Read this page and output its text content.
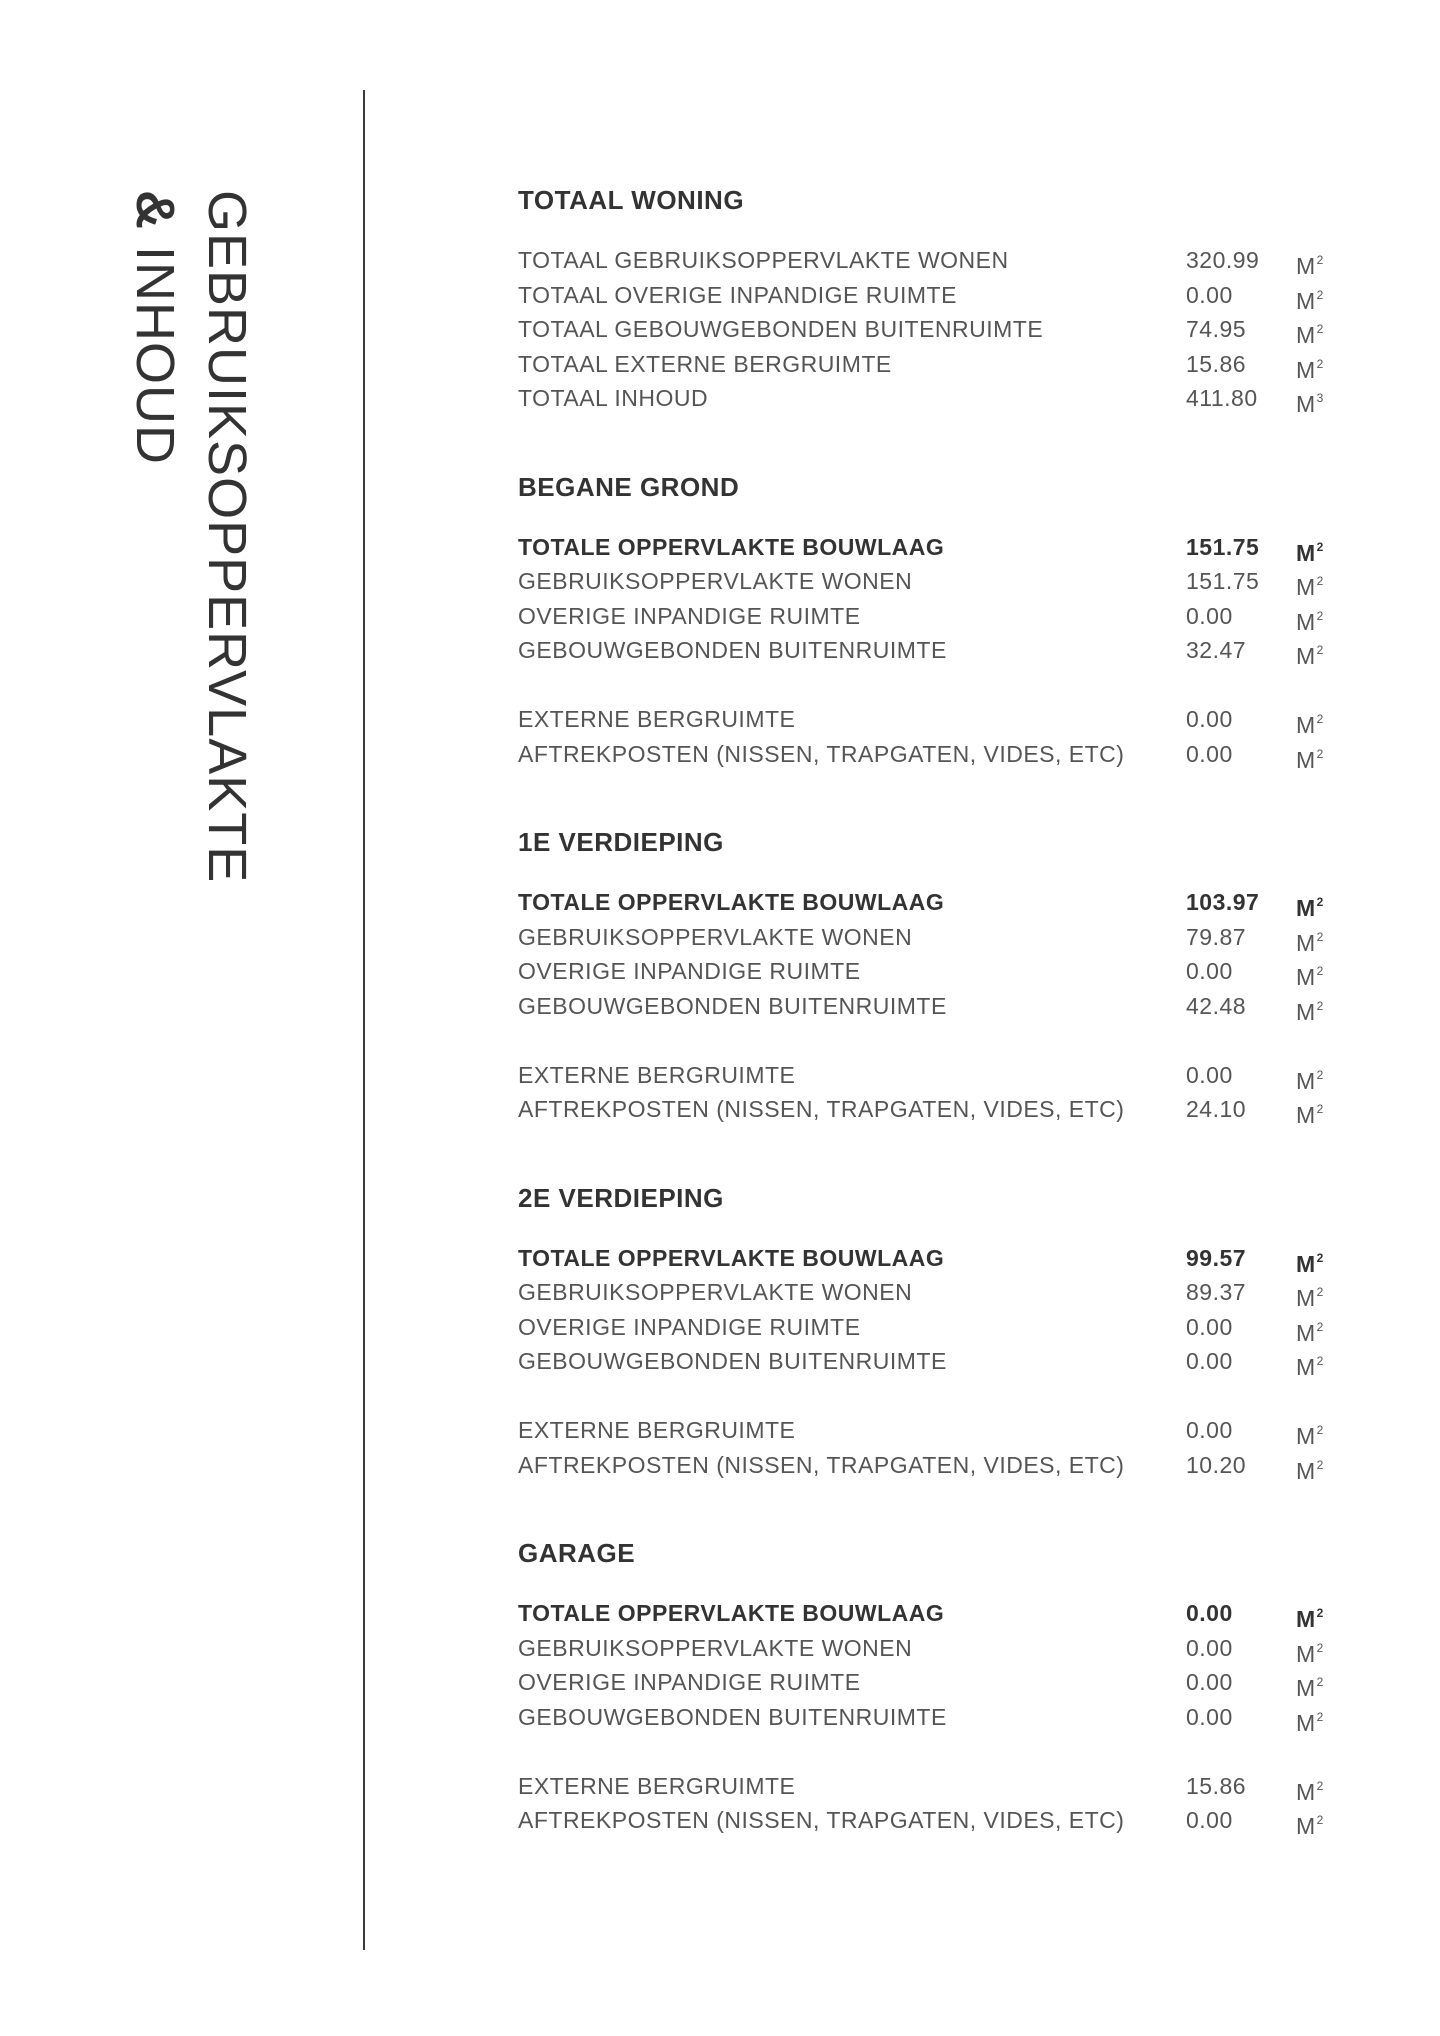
GEBRUIKSOPPERVLAKTE
& INHOUD
TOTAAL WONING
TOTAAL GEBRUIKSOPPERVLAKTE WONEN	320.99 $M^2$
TOTAAL OVERIGE INPANDIGE RUIMTE	0.00	$M^2$
TOTAAL GEBOUWGEBONDEN BUITENRUIMTE	74.95 $M^2$
TOTAAL EXTERNE BERGRUIMTE	15.86 $M^2$
TOTAAL INHOUD	411.80 $M^3$
BEGANE GROND
TOTALE OPPERVLAKTE BOUWLAAG	151.75 $M^2$
GEBRUIKSOPPERVLAKTE WONEN	151.75 $M^2$
OVERIGE INPANDIGE RUIMTE	0.00	$M^2$
GEBOUWGEBONDEN BUITENRUIMTE	32.47 $M^2$
EXTERNE BERGRUIMTE	0.00	$M^2$
AFTREKPOSTEN (NISSEN, TRAPGATEN, VIDES, ETC)	0.00	$M^2$
1E VERDIEPING
TOTALE OPPERVLAKTE BOUWLAAG	103.97 $M^2$
GEBRUIKSOPPERVLAKTE WONEN	79.87 $M^2$
OVERIGE INPANDIGE RUIMTE	0.00	$M^2$
GEBOUWGEBONDEN BUITENRUIMTE	42.48 $M^2$
EXTERNE BERGRUIMTE	0.00	$M^2$
AFTREKPOSTEN (NISSEN, TRAPGATEN, VIDES, ETC)	24.10 $M^2$
2E VERDIEPING
TOTALE OPPERVLAKTE BOUWLAAG	99.57 $M^2$
GEBRUIKSOPPERVLAKTE WONEN	89.37 $M^2$
OVERIGE INPANDIGE RUIMTE	0.00	$M^2$
GEBOUWGEBONDEN BUITENRUIMTE	0.00	$M^2$
EXTERNE BERGRUIMTE	0.00	$M^2$
AFTREKPOSTEN (NISSEN, TRAPGATEN, VIDES, ETC)	10.20 $M^2$
GARAGE
TOTALE OPPERVLAKTE BOUWLAAG	0.00	$M^2$
GEBRUIKSOPPERVLAKTE WONEN	0.00	$M^2$
OVERIGE INPANDIGE RUIMTE	0.00	$M^2$
GEBOUWGEBONDEN BUITENRUIMTE	0.00	$M^2$
EXTERNE BERGRUIMTE	15.86 $M^2$
AFTREKPOSTEN (NISSEN, TRAPGATEN, VIDES, ETC)	0.00	$M^2$
